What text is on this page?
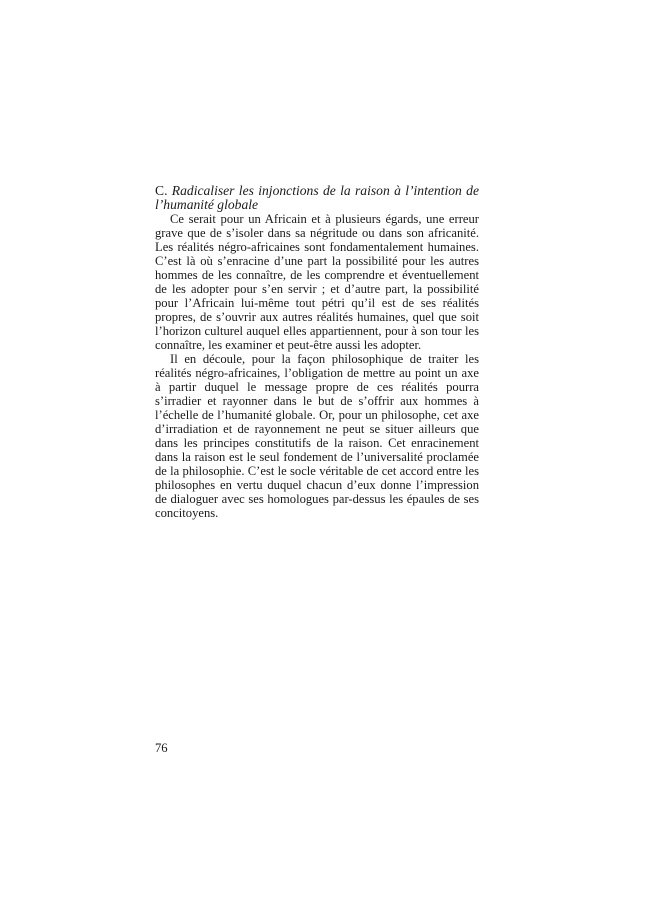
C. Radicaliser les injonctions de la raison à l’intention de l’humanité globale

Ce serait pour un Africain et à plusieurs égards, une erreur grave que de s’isoler dans sa négritude ou dans son africanité. Les réalités négro-africaines sont fondamentalement humaines. C’est là où s’enracine d’une part la possibilité pour les autres hommes de les connaître, de les comprendre et éventuellement de les adopter pour s’en servir ; et d’autre part, la possibilité pour l’Africain lui-même tout pétri qu’il est de ses réalités propres, de s’ouvrir aux autres réalités humaines, quel que soit l’horizon culturel auquel elles appartiennent, pour à son tour les connaître, les examiner et peut-être aussi les adopter.

Il en découle, pour la façon philosophique de traiter les réalités négro-africaines, l’obligation de mettre au point un axe à partir duquel le message propre de ces réalités pourra s’irradier et rayonner dans le but de s’offrir aux hommes à l’échelle de l’humanité globale. Or, pour un philosophe, cet axe d’irradiation et de rayonnement ne peut se situer ailleurs que dans les principes constitutifs de la raison. Cet enracinement dans la raison est le seul fondement de l’universalité proclamée de la philosophie. C’est le socle véritable de cet accord entre les philosophes en vertu duquel chacun d’eux donne l’impression de dialoguer avec ses homologues par-dessus les épaules de ses concitoyens.

76
